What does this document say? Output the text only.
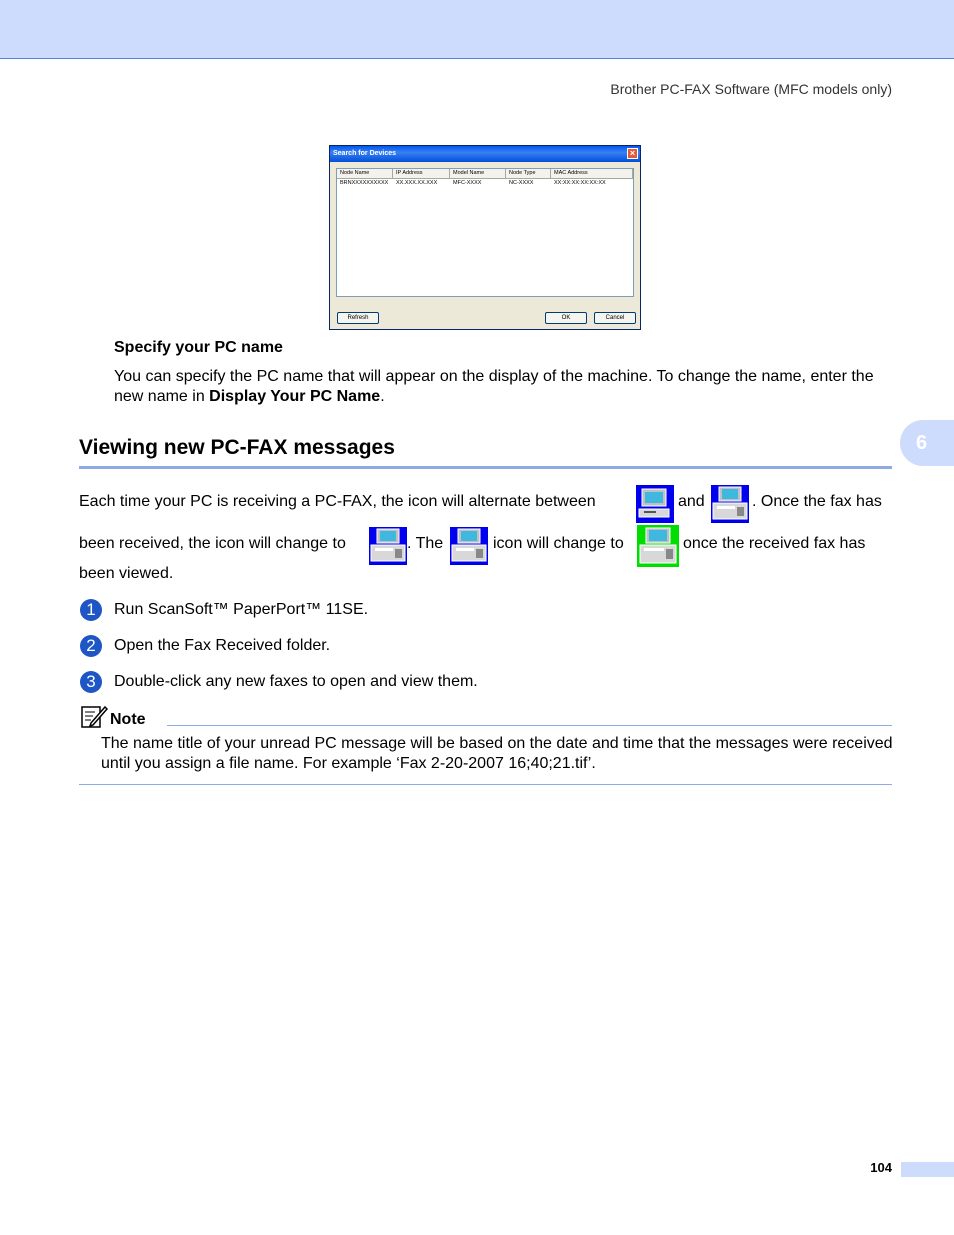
Brother PC-FAX Software (MFC models only)
Search for Devices	×
Node Name	IP Address	Model Name	Node Type	MAC Address
BRNXXXXXXXXXX	XX.XXX.XX.XXX	MFC-XXXX	NC-XXXX	XX:XX:XX:XX:XX:XX
Refresh	OK	Cancel
Specify your PC name
You can specify the PC name that will appear on the display of the machine. To change the name, enter the new name in Display Your PC Name.
Viewing new PC-FAX messages	6
Each time your PC is receiving a PC-FAX, the icon will alternate between	and	. Once the fax has
been received, the icon will change to	. The	icon will change to	once the received fax has
been viewed.
1	Run ScanSoft™ PaperPort™ 11SE.
2	Open the Fax Received folder.
3	Double-click any new faxes to open and view them.
Note
The name title of your unread PC message will be based on the date and time that the messages were received until you assign a file name. For example ‘Fax 2-20-2007 16;40;21.tif’.
104
